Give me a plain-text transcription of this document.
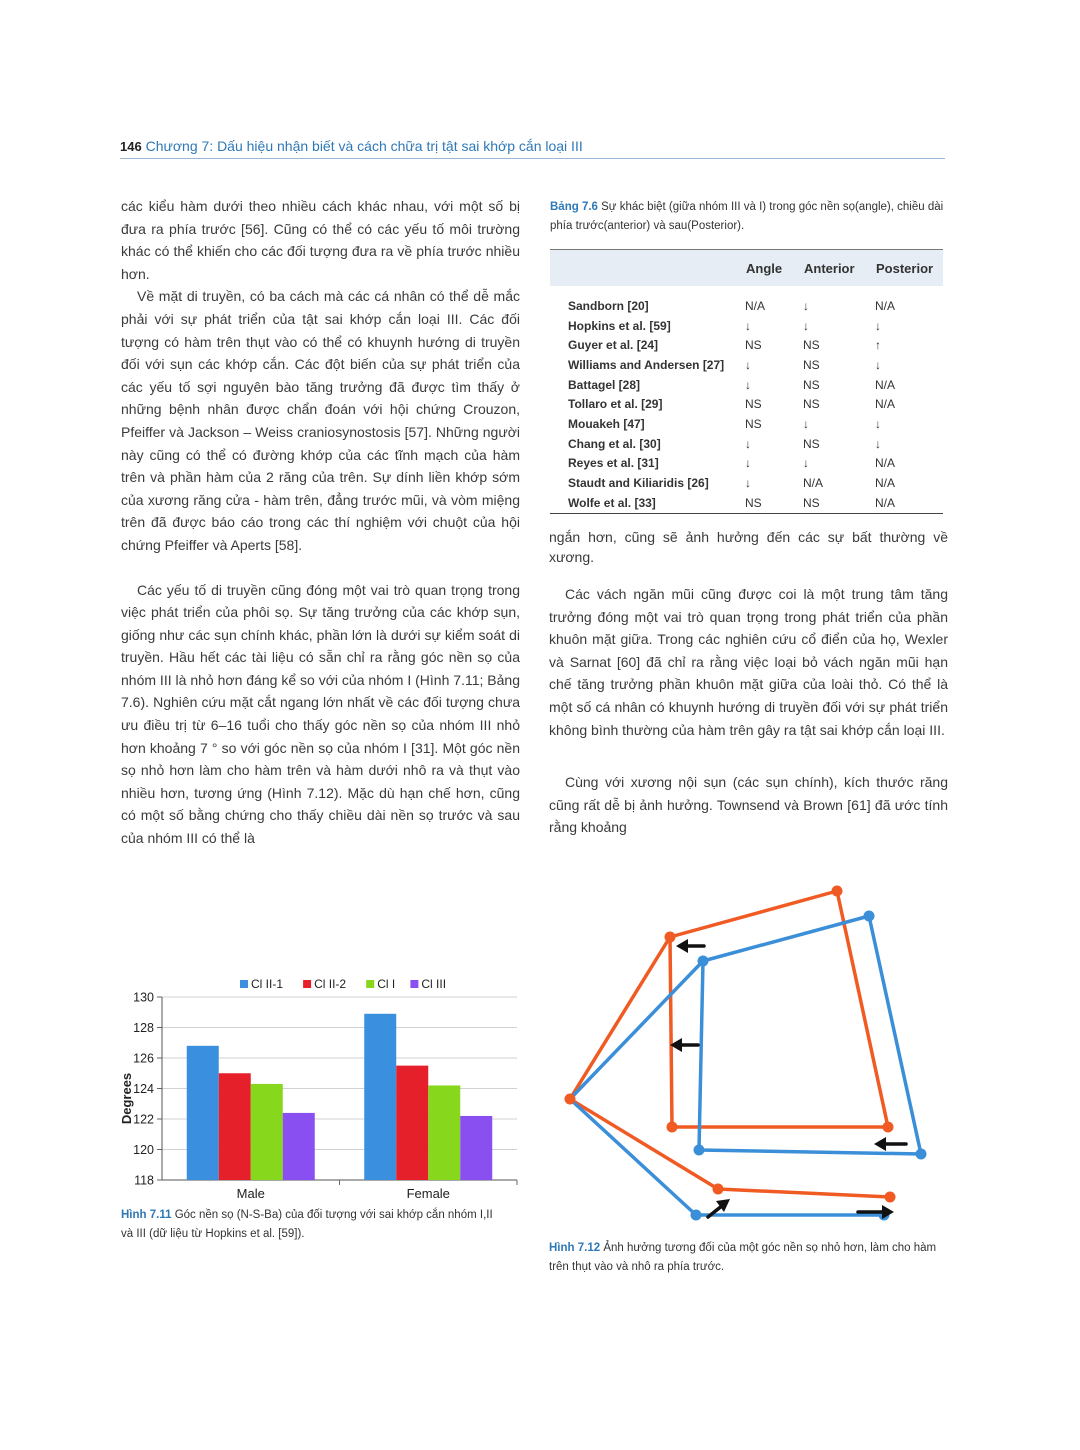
146 Chương 7: Dấu hiệu nhận biết và cách chữa trị tật sai khớp cắn loại III

các kiểu hàm dưới theo nhiều cách khác nhau, với một số bị đưa ra phía trước [56]. Cũng có thể có các yếu tố môi trường khác có thể khiến cho các đối tượng đưa ra về phía trước nhiều hơn.

Về mặt di truyền, có ba cách mà các cá nhân có thể dễ mắc phải với sự phát triển của tật sai khớp cắn loại III. Các đối tượng có hàm trên thụt vào có thể có khuynh hướng di truyền đối với sụn các khớp cắn. Các đột biến của sự phát triển của các yếu tố sợi nguyên bào tăng trưởng đã được tìm thấy ở những bệnh nhân được chẩn đoán với hội chứng Crouzon, Pfeiffer và Jackson – Weiss craniosynostosis [57]. Những người này cũng có thể có đường khớp của các tĩnh mạch của hàm trên và phần hàm của 2 răng của trên. Sự dính liền khớp sớm của xương răng cửa - hàm trên, đẳng trước mũi, và vòm miệng trên đã được báo cáo trong các thí nghiệm với chuột của hội chứng Pfeiffer và Aperts [58].

Các yếu tố di truyền cũng đóng một vai trò quan trọng trong việc phát triển của phôi sọ. Sự tăng trưởng của các khớp sụn, giống như các sụn chính khác, phần lớn là dưới sự kiểm soát di truyền. Hầu hết các tài liệu có sẵn chỉ ra rằng góc nền sọ của nhóm III là nhỏ hơn đáng kể so với của nhóm I (Hình 7.11; Bảng 7.6). Nghiên cứu mặt cắt ngang lớn nhất về các đối tượng chưa ưu điều trị từ 6–16 tuổi cho thấy góc nền sọ của nhóm III nhỏ hơn khoảng 7 ° so với góc nền sọ của nhóm I [31]. Một góc nền sọ nhỏ hơn làm cho hàm trên và hàm dưới nhô ra và thụt vào nhiều hơn, tương ứng (Hình 7.12). Mặc dù hạn chế hơn, cũng có một số bằng chứng cho thấy chiều dài nền sọ trước và sau của nhóm III có thể là

Bảng 7.6 Sự khác biệt (giữa nhóm III và I) trong góc nền sọ(angle), chiều dài phía trước(anterior) và sau(Posterior).
	Angle	Anterior	Posterior
Sandborn [20]	N/A	↓	N/A
Hopkins et al. [59]	↓	↓	↓
Guyer et al. [24]	NS	NS	↑
Williams and Andersen [27]	↓	NS	↓
Battagel [28]	↓	NS	N/A
Tollaro et al. [29]	NS	NS	N/A
Mouakeh [47]	NS	↓	↓
Chang et al. [30]	↓	NS	↓
Reyes et al. [31]	↓	↓	N/A
Staudt and Kiliaridis [26]	↓	N/A	N/A
Wolfe et al. [33]	NS	NS	N/A

ngắn hơn, cũng sẽ ảnh hưởng đến các sự bất thường về xương.

Các vách ngăn mũi cũng được coi là một trung tâm tăng trưởng đóng một vai trò quan trọng trong phát triển của phần khuôn mặt giữa. Trong các nghiên cứu cổ điển của họ, Wexler và Sarnat [60] đã chỉ ra rằng việc loại bỏ vách ngăn mũi hạn chế tăng trưởng phần khuôn mặt giữa của loài thỏ. Có thể là một số cá nhân có khuynh hướng di truyền đối với sự phát triển không bình thường của hàm trên gây ra tật sai khớp cắn loại III.

Cùng với xương nội sụn (các sụn chính), kích thước răng cũng rất dễ bị ảnh hưởng. Townsend và Brown [61] đã ước tính rằng khoảng

118
120
122
124
126
128
130
Male	Female
Degrees
Cl II-1	Cl II-2	Cl I Cl III
Hình 7.11 Góc nền sọ (N-S-Ba) của đối tượng với sai khớp cắn nhóm I,II và III (dữ liệu từ Hopkins et al. [59]).
Hình 7.12 Ảnh hưởng tương đối của một góc nền sọ nhỏ hơn, làm cho hàm trên thụt vào và nhô ra phía trước.
